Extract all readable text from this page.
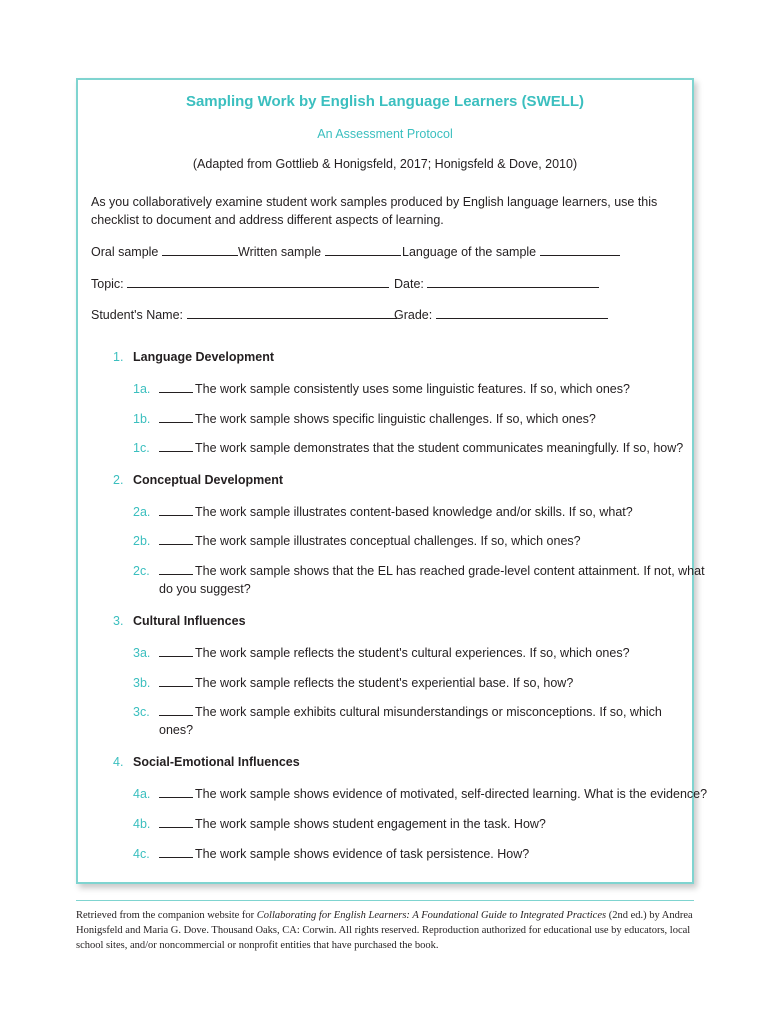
Sampling Work by English Language Learners (SWELL)
An Assessment Protocol
(Adapted from Gottlieb & Honigsfeld, 2017; Honigsfeld & Dove, 2010)
As you collaboratively examine student work samples produced by English language learners, use this checklist to document and address different aspects of learning.
Oral sample	Written sample	Language of the sample
Topic:	Date:
Student's Name:	Grade:
1. Language Development
1a.	The work sample consistently uses some linguistic features. If so, which ones?
1b.	The work sample shows specific linguistic challenges. If so, which ones?
1c.	The work sample demonstrates that the student communicates meaningfully. If so, how?
2. Conceptual Development
2a.	The work sample illustrates content-based knowledge and/or skills. If so, what?
2b.	The work sample illustrates conceptual challenges. If so, which ones?
2c.	The work sample shows that the EL has reached grade-level content attainment. If not, what
do you suggest?
3. Cultural Influences
3a.	The work sample reflects the student's cultural experiences. If so, which ones?
3b.	The work sample reflects the student's experiential base. If so, how?
3c.	The work sample exhibits cultural misunderstandings or misconceptions. If so, which
ones?
4. Social-Emotional Influences
4a.	The work sample shows evidence of motivated, self-directed learning. What is the evidence?
4b.	The work sample shows student engagement in the task. How?
4c.	The work sample shows evidence of task persistence. How?
Retrieved from the companion website for Collaborating for English Learners: A Foundational Guide to Integrated Practices (2nd ed.) by Andrea Honigsfeld and Maria G. Dove. Thousand Oaks, CA: Corwin. All rights reserved. Reproduction authorized for educational use by educators, local school sites, and/or noncommercial or nonprofit entities that have purchased the book.
